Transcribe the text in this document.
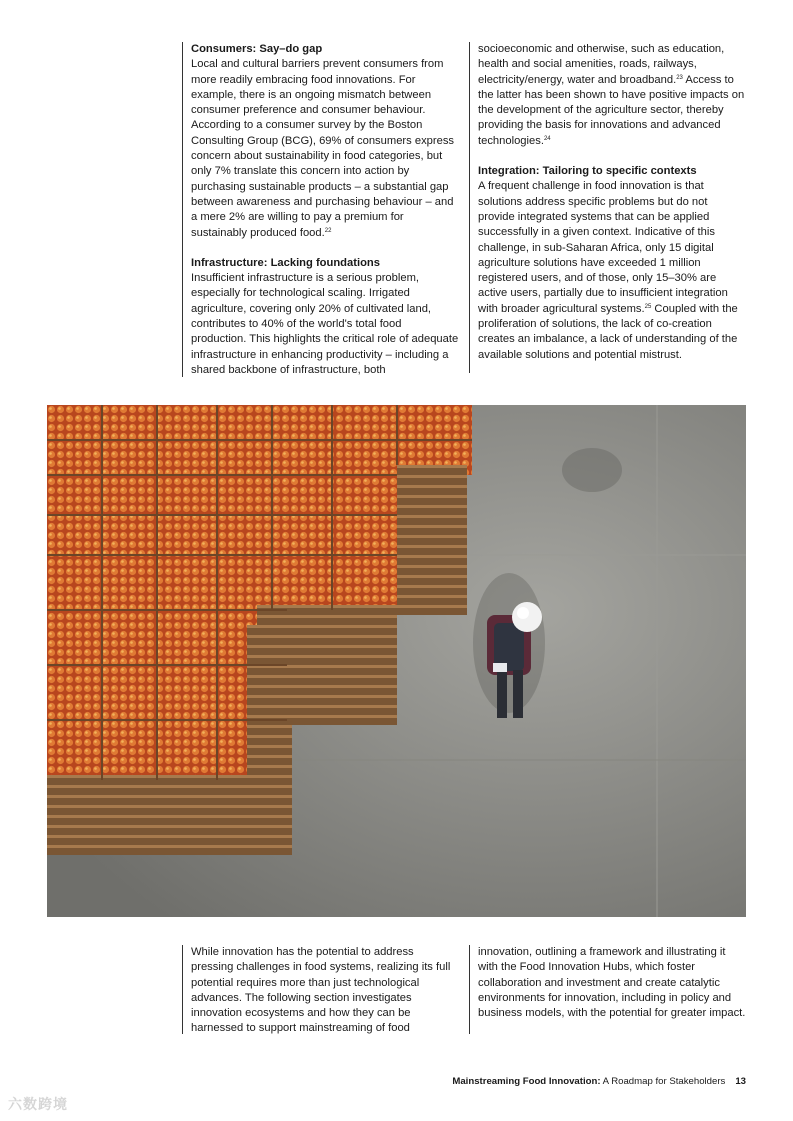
Consumers: Say–do gap

Local and cultural barriers prevent consumers from more readily embracing food innovations. For example, there is an ongoing mismatch between consumer preference and consumer behaviour. According to a consumer survey by the Boston Consulting Group (BCG), 69% of consumers express concern about sustainability in food categories, but only 7% translate this concern into action by purchasing sustainable products – a substantial gap between awareness and purchasing behaviour – and a mere 2% are willing to pay a premium for sustainably produced food.$^{22}$

Infrastructure: Lacking foundations

Insufficient infrastructure is a serious problem, especially for technological scaling. Irrigated agriculture, covering only 20% of cultivated land, contributes to 40% of the world's total food production. This highlights the critical role of adequate infrastructure in enhancing productivity – including a shared backbone of infrastructure, both

socioeconomic and otherwise, such as education, health and social amenities, roads, railways, electricity/energy, water and broadband.$^{23}$ Access to the latter has been shown to have positive impacts on the development of the agriculture sector, thereby providing the basis for innovations and advanced technologies.$^{24}$

Integration: Tailoring to specific contexts

A frequent challenge in food innovation is that solutions address specific problems but do not provide integrated systems that can be applied successfully in a given context. Indicative of this challenge, in sub-Saharan Africa, only 15 digital agriculture solutions have exceeded 1 million registered users, and of those, only 15–30% are active users, partially due to insufficient integration with broader agricultural systems.$^{25}$ Coupled with the proliferation of solutions, the lack of co-creation creates an imbalance, a lack of understanding of the available solutions and potential mistrust.

While innovation has the potential to address pressing challenges in food systems, realizing its full potential requires more than just technological advances. The following section investigates innovation ecosystems and how they can be harnessed to support mainstreaming of food

innovation, outlining a framework and illustrating it with the Food Innovation Hubs, which foster collaboration and investment and create catalytic environments for innovation, including in policy and business models, with the potential for greater impact.

Mainstreaming Food Innovation: A Roadmap for Stakeholders 13
六数跨境
